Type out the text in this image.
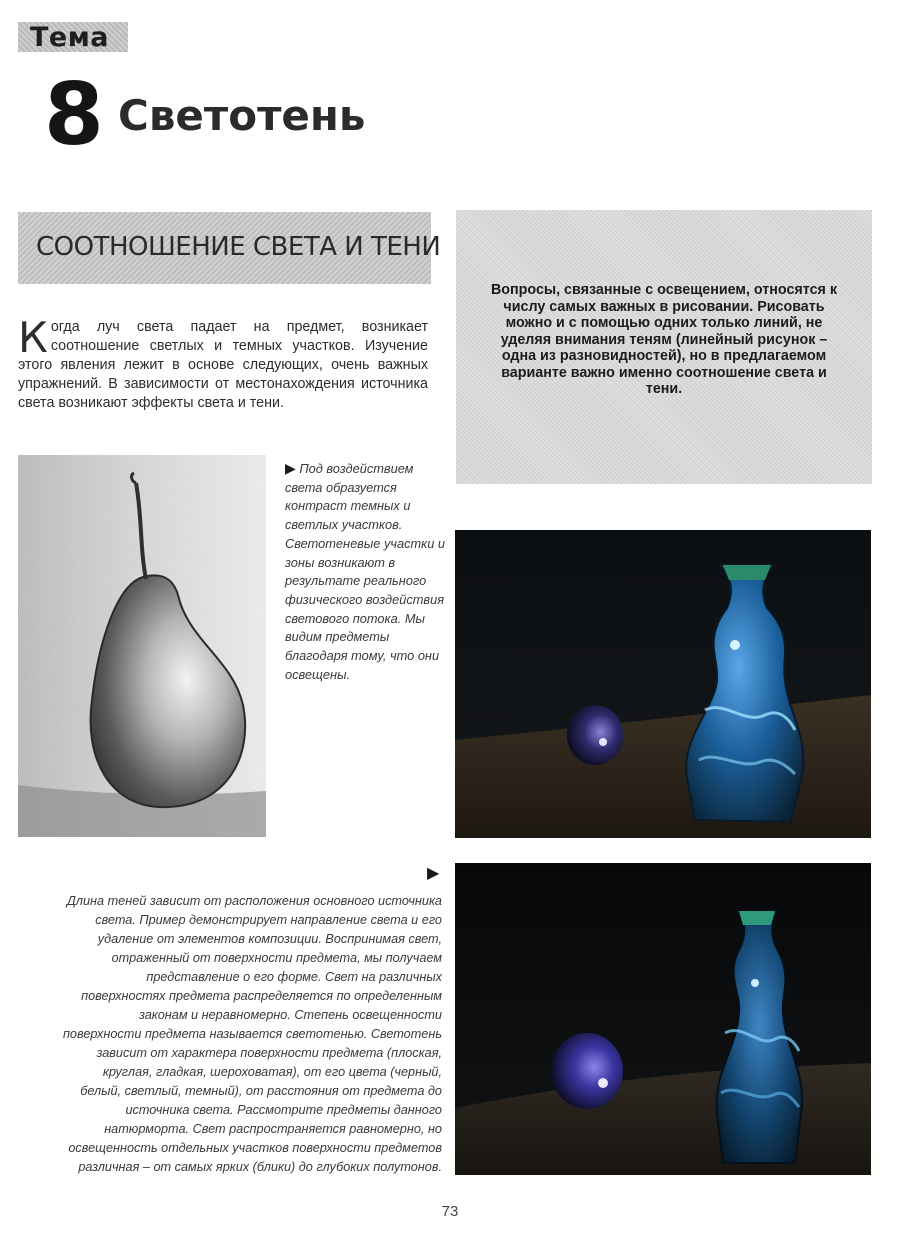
Тема
8 Светотень
СООТНОШЕНИЕ СВЕТА И ТЕНИ
Когда луч света падает на предмет, возникает соотношение светлых и темных участков. Изучение этого явления лежит в основе следующих, очень важных упражнений. В зависимости от местонахождения источника света возникают эффекты света и тени.
Вопросы, связанные с освещением, относятся к числу самых важных в рисовании. Рисовать можно и с помощью одних только линий, не уделяя внимания теням (линейный рисунок – одна из разновидностей), но в предлагаемом варианте важно именно соотношение света и тени.
▶ Под воздействием света образуется контраст темных и светлых участков. Светотеневые участки и зоны возникают в результате реального физического воздействия светового потока. Мы видим предметы благодаря тому, что они освещены.
▶
Длина теней зависит от расположения основного источника света. Пример демонстрирует направление света и его удаление от элементов композиции. Воспринимая свет, отраженный от поверхности предмета, мы получаем представление о его форме. Свет на различных поверхностях предмета распределяется по определенным законам и неравномерно. Степень освещенности поверхности предмета называется светотенью. Светотень зависит от характера поверхности предмета (плоская, круглая, гладкая, шероховатая), от его цвета (черный, белый, светлый, темный), от расстояния от предмета до источника света. Рассмотрите предметы данного натюрморта. Свет распространяется равномерно, но освещенность отдельных участков поверхности предметов различная – от самых ярких (блики) до глубоких полутонов.
73
